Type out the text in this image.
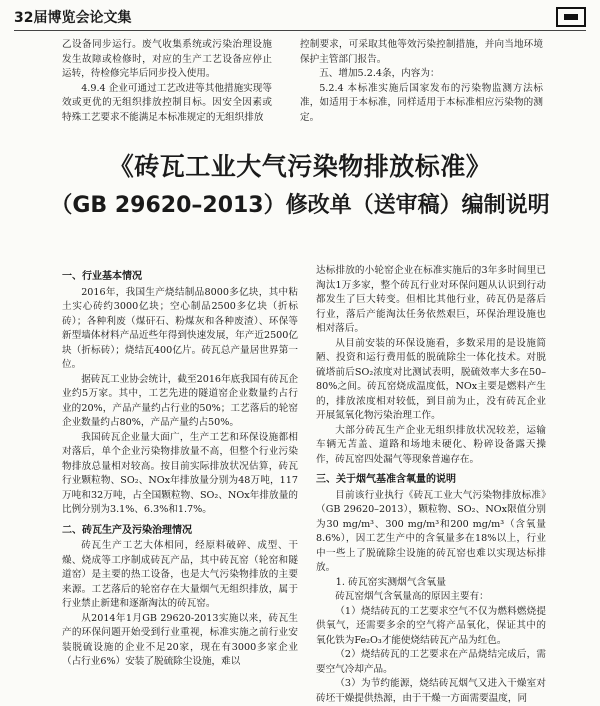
32届博览会论文集

乙设备同步运行。废气收集系统或污染治理设施发生故障或检修时，对应的生产工艺设备应停止运转，待检修完毕后同步投入使用。

4.9.4 企业可通过工艺改进等其他措施实现等效或更优的无组织排放控制目标。因安全因素或特殊工艺要求不能满足本标准规定的无组织排放

控制要求，可采取其他等效污染控制措施，并向当地环境保护主管部门报告。

五、增加5.2.4条，内容为：

5.2.4 本标准实施后国家发布的污染物监测方法标准，如适用于本标准，同样适用于本标准相应污染物的测定。

《砖瓦工业大气污染物排放标准》
（GB 29620–2013）修改单（送审稿）编制说明
一、行业基本情况

2016年，我国生产烧结制品8000多亿块，其中粘土实心砖约3000亿块；空心制品2500多亿块（折标砖）；各种利废（煤矸石、粉煤灰和各种废渣）、环保等新型墙体材料产品近些年得到快速发展，年产近2500亿块（折标砖）；烧结瓦400亿片。砖瓦总产量居世界第一位。

据砖瓦工业协会统计，截至2016年底我国有砖瓦企业约5万家。其中，工艺先进的隧道窑企业数量约占行业的20%，产品产量约占行业的50%；工艺落后的轮窑企业数量约占80%，产品产量约占50%。

我国砖瓦企业量大面广，生产工艺和环保设施都相对落后，单个企业污染物排放量不高，但整个行业污染物排放总量相对较高。按目前实际排放状况估算，砖瓦行业颗粒物、SO₂、NOx年排放量分别为48万吨，117万吨和32万吨，占全国颗粒物、SO₂、NOx年排放量的比例分别为3.1%、6.3%和1.7%。

二、砖瓦生产及污染治理情况

砖瓦生产工艺大体相同，经原料破碎、成型、干燥、烧成等工序制成砖瓦产品，其中砖瓦窑（轮窑和隧道窑）是主要的热工设备，也是大气污染物排放的主要来源。工艺落后的轮窑存在大量烟气无组织排放，属于行业禁止新建和逐渐淘汰的砖瓦窑。

从2014年1月GB 29620-2013实施以来，砖瓦生产的环保问题开始受到行业重视，标准实施之前行业安装脱硫设施的企业不足20家，现在有3000多家企业（占行业6%）安装了脱硫除尘设施，难以

达标排放的小轮窑企业在标准实施后的3年多时间里已淘汰1万多家，整个砖瓦行业对环保问题从认识到行动都发生了巨大转变。但相比其他行业，砖瓦仍是落后行业，落后产能淘汰任务依然艰巨，环保治理设施也相对落后。

从目前安装的环保设施看，多数采用的是设施简陋、投资和运行费用低的脱硫除尘一体化技术。对脱硫塔前后SO₂浓度对比测试表明，脱硫效率大多在50–80%之间。砖瓦窑烧成温度低，NOx主要是燃料产生的，排放浓度相对较低，到目前为止，没有砖瓦企业开展氮氧化物污染治理工作。

大部分砖瓦生产企业无组织排放状况较差，运输车辆无苫盖、道路和场地未硬化、粉碎设备露天操作，砖瓦窑四处漏气等现象普遍存在。

三、关于烟气基准含氧量的说明

目前该行业执行《砖瓦工业大气污染物排放标准》（GB 29620–2013），颗粒物、SO₂、NOx限值分别为30 mg/m³、300 mg/m³和200 mg/m³（含氧量8.6%），因工艺生产中的含氧量多在18%以上，行业中一些上了脱硫除尘设施的砖瓦窑也难以实现达标排放。

1. 砖瓦窑实测烟气含氧量

砖瓦窑烟气含氧量高的原因主要有：

（1）烧结砖瓦的工艺要求空气不仅为燃料燃烧提供氧气，还需要多余的空气将产品氧化，保证其中的氧化铁为Fe₂O₃才能使烧结砖瓦产品为红色。

（2）烧结砖瓦的工艺要求在产品烧结完成后，需要空气冷却产品。

（3）为节约能源，烧结砖瓦烟气又进入干燥室对砖坯干燥提供热源，由于干燥一方面需要温度，同
